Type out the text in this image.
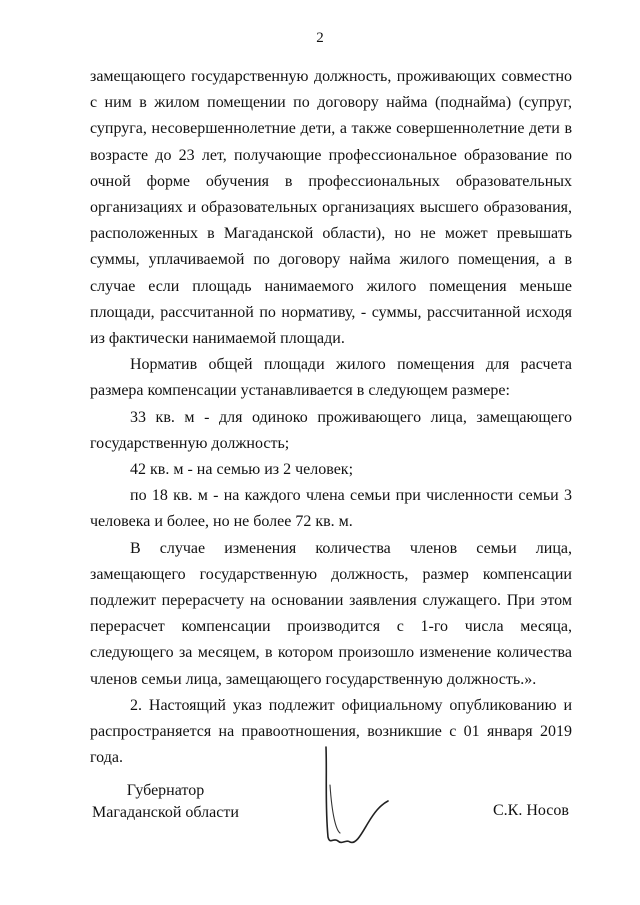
2

замещающего государственную должность, проживающих совместно с ним в жилом помещении по договору найма (поднайма) (супруг, супруга, несовершеннолетние дети, а также совершеннолетние дети в возрасте до 23 лет, получающие профессиональное образование по очной форме обучения в профессиональных образовательных организациях и образовательных организациях высшего образования, расположенных в Магаданской области), но не может превышать суммы, уплачиваемой по договору найма жилого помещения, а в случае если площадь нанимаемого жилого помещения меньше площади, рассчитанной по нормативу, - суммы, рассчитанной исходя из фактически нанимаемой площади.

Норматив общей площади жилого помещения для расчета размера компенсации устанавливается в следующем размере:

33 кв. м - для одиноко проживающего лица, замещающего государственную должность;

42 кв. м - на семью из 2 человек;

по 18 кв. м - на каждого члена семьи при численности семьи 3 человека и более, но не более 72 кв. м.

В случае изменения количества членов семьи лица, замещающего государственную должность, размер компенсации подлежит перерасчету на основании заявления служащего. При этом перерасчет компенсации производится с 1-го числа месяца, следующего за месяцем, в котором произошло изменение количества членов семьи лица, замещающего государственную должность.».

2. Настоящий указ подлежит официальному опубликованию и распространяется на правоотношения, возникшие с 01 января 2019 года.

Губернатор
Магаданской области	С.К. Носов
